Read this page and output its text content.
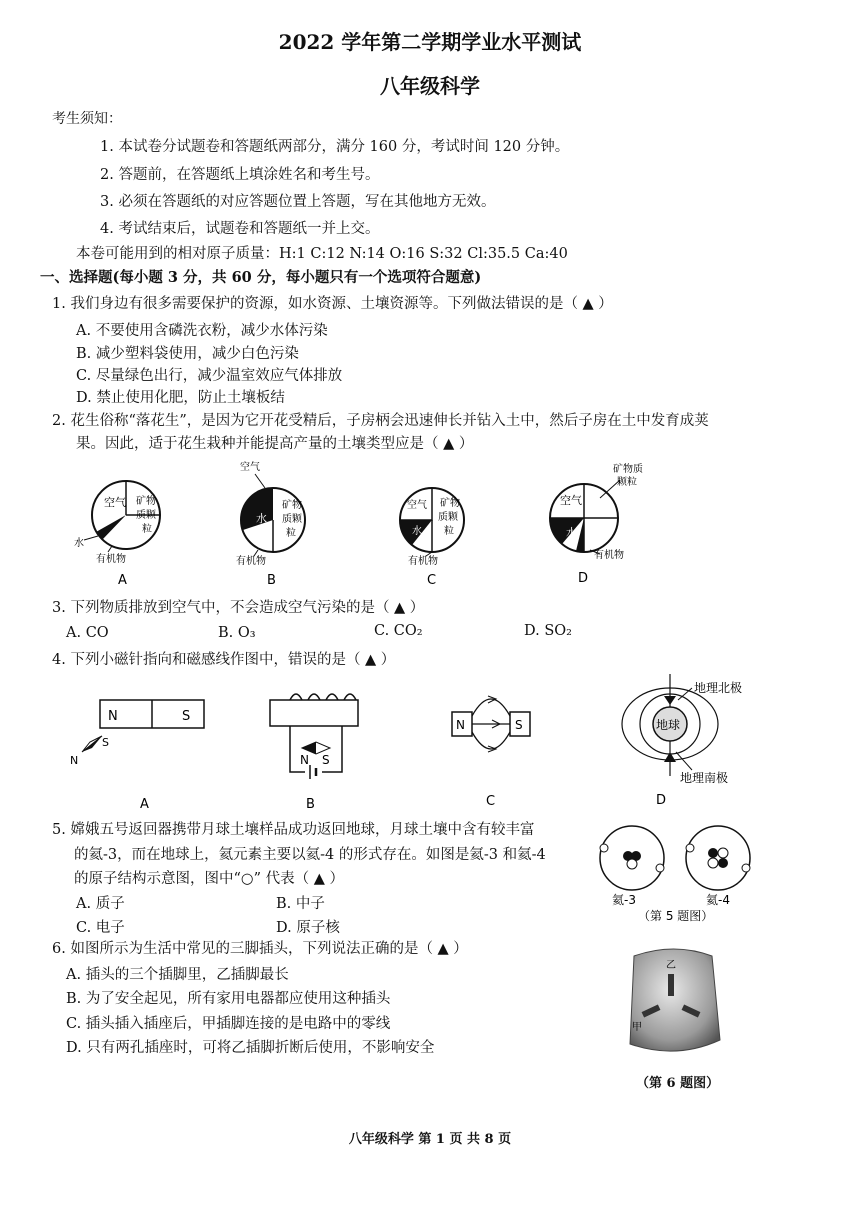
2022 学年第二学期学业水平测试
八年级科学
考生须知：
1. 本试卷分试题卷和答题纸两部分，满分 160 分，考试时间 120 分钟。
2. 答题前，在答题纸上填涂姓名和考生号。
3. 必须在答题纸的对应答题位置上答题，写在其他地方无效。
4. 考试结束后，试题卷和答题纸一并上交。
本卷可能用到的相对原子质量：H:1 C:12 N:14 O:16 S:32 Cl:35.5 Ca:40
一、选择题(每小题 3 分，共 60 分，每小题只有一个选项符合题意)
1. 我们身边有很多需要保护的资源，如水资源、土壤资源等。下列做法错误的是（ ▲ ）
A. 不要使用含磷洗衣粉，减少水体污染
B. 减少塑料袋使用，减少白色污染
C. 尽量绿色出行，减少温室效应气体排放
D. 禁止使用化肥，防止土壤板结
2. 花生俗称“落花生”，是因为它开花受精后，子房柄会迅速伸长并钻入土中，然后子房在土中发育成荚
果。因此，适于花生栽种并能提高产量的土壤类型应是（ ▲ ）
空气 矿物
质颗
粒
水
有机物
A
水
矿物
质颗
粒
空气
有机物
B
空气
水
矿物
质颗
粒
有机物
C
空气
水
矿物质
颗粒
有机物
D
3. 下列物质排放到空气中，不会造成空气污染的是（ ▲ ）
A. CO	B. O₃	C. CO₂	D. SO₂
4. 下列小磁针指向和磁感线作图中，错误的是（ ▲ ）
N	S
S
N
A
N S
B
N	S
C
地球
地理北极
地理南极
D
5. 嫦娥五号返回器携带月球土壤样品成功返回地球，月球土壤中含有较丰富
的氦-3，而在地球上，氦元素主要以氦-4 的形式存在。如图是氦-3 和氦-4
的原子结构示意图，图中“○” 代表（ ▲ ）
A. 质子	B. 中子
C. 电子	D. 原子核
氦-3	氦-4
（第 5 题图）
6. 如图所示为生活中常见的三脚插头，下列说法正确的是（ ▲ ）
A. 插头的三个插脚里，乙插脚最长
B. 为了安全起见，所有家用电器都应使用这种插头
C. 插头插入插座后，甲插脚连接的是电路中的零线
D. 只有两孔插座时，可将乙插脚折断后使用，不影响安全
乙
甲
（第 6 题图）
八年级科学 第 1 页 共 8 页
